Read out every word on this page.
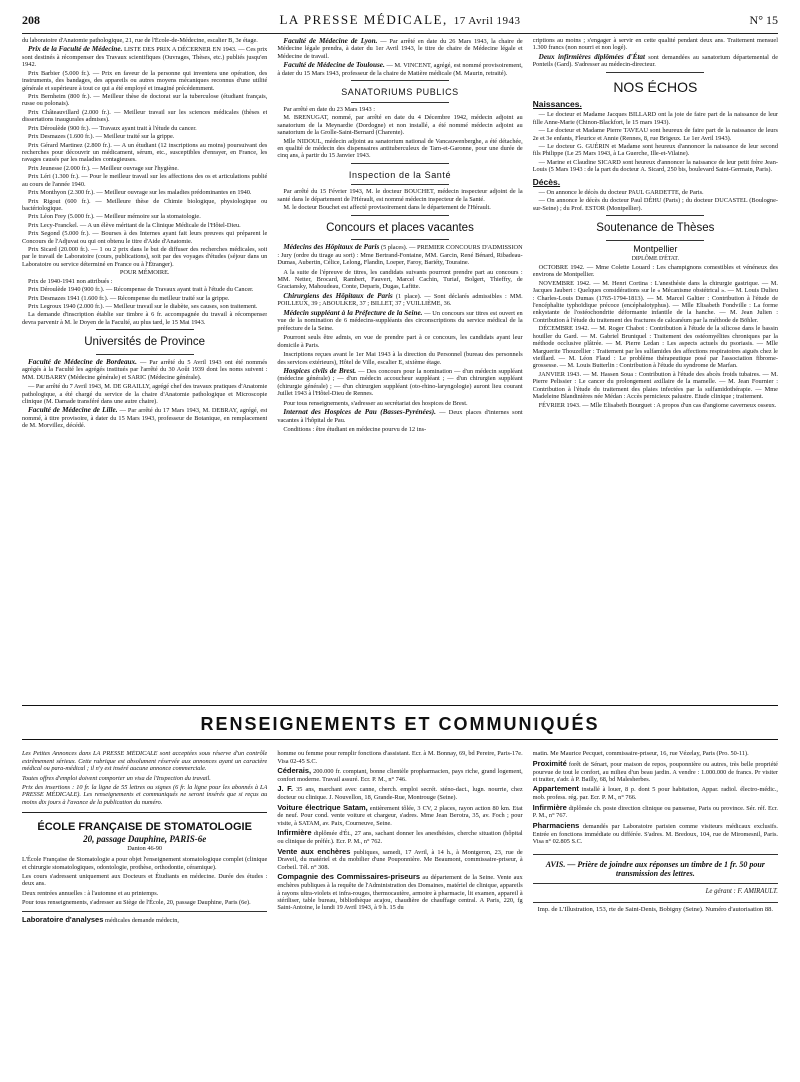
208	LA PRESSE MÉDICALE, 17 Avril 1943	N° 15

du laboratoire d'Anatomie pathologique, 21, rue de l'École-de-Médecine, escalier B, 3e étage.

Prix de la Faculté de Médecine. LISTE DES PRIX A DÉCERNER EN 1943. — Ces prix sont destinés à récompenser des Travaux scientifiques (Ouvrages, Thèses, etc.) publiés jusqu'en 1942.

Prix Barbier (5.000 fr.). — Prix en faveur de la personne qui inventera une opération, des instruments, des bandages, des appareils ou autres moyens mécaniques reconnus d'une utilité générale et supérieure à tout ce qui a été employé et imaginé précédemment.

Prix Bernheim (800 fr.). — Meilleur thèse de doctorat sur la tuberculose (étudiant français, russe ou polonais).

Prix Châteauvillard (2.000 fr.). — Meilleur travail sur les sciences médicales (thèses et dissertations inaugurales admises).

Prix Déroulède (900 fr.). — Travaux ayant trait à l'étude du cancer.

Prix Desmazes (1.600 fr.). — Meilleur traité sur la grippe.

Prix Gérard Martinez (2.800 fr.). — A un étudiant (12 inscriptions au moins) poursuivant des recherches pour découvrir un médicament, sérum, etc., susceptibles d'enrayer, en France, les ravages causés par les maladies contagieuses.

Prix Jeunesse (2.000 fr.). — Meilleur ouvrage sur l'hygiène.

Prix Léri (1.300 fr.). — Pour le meilleur travail sur les affections des os et articulations publié au cours de l'année 1940.

Prix Monthyon (2.300 fr.). — Meilleur ouvrage sur les maladies prédominantes en 1940.

Prix Rigout (600 fr.). — Meilleure thèse de Chimie biologique, physiologique ou bactériologique.

Prix Léon Frey (5.000 fr.). — Meilleur mémoire sur la stomatologie.

Prix Lecy-Franckel. — A un élève méritant de la Clinique Médicale de l'Hôtel-Dieu.

Prix Segond (5.000 fr.). — Bourses à des Internes ayant fait leurs preuves qui préparent le Concours de l'Adjuvat ou qui ont obtenu le titre d'Aide d'Anatomie.

Prix Sicard (20.000 fr.). — 1 ou 2 prix dans le but de diffuser des recherches médicales, soit par le travail de Laboratoire (cours, publications), soit par des voyages d'études (séjour dans un Laboratoire ou service déterminé en France ou à l'Étranger).

POUR MÉMOIRE.

Prix de 1940-1941 non attribués :

Prix Déroulède 1940 (900 fr.). — Récompense de Travaux ayant trait à l'étude du Cancer.

Prix Desmazes 1941 (1.600 fr.). — Récompense du meilleur traité sur la grippe.

Prix Legroux 1940 (2.000 fr.). — Meilleur travail sur le diabète, ses causes, son traitement.

La demande d'inscription établie sur timbre à 6 fr. accompagnée du travail à récompenser devra parvenir à M. le Doyen de la Faculté, au plus tard, le 15 Mai 1943.

Universités de Province

Faculté de Médecine de Bordeaux. — Par arrêté du 5 Avril 1943 ont été nommés agrégés à la Faculté les agrégés institués par l'arrêté du 30 Août 1939 dont les noms suivent : MM. DUBARRY (Médecine générale) et SARIC (Médecine générale).

— Par arrêté du 7 Avril 1943, M. DE GRAILLY, agrégé chef des travaux pratiques d'Anatomie pathologique, a été chargé du service de la chaire d'Anatomie pathologique et Microscopie clinique (M. Damade transféré dans une autre chaire).

Faculté de Médecine de Lille. — Par arrêté du 17 Mars 1943, M. DEBRAY, agrégé, est nommé, à titre provisoire, à dater du 15 Mars 1943, professeur de Botanique, en remplacement de M. Morvillez, décédé.

Faculté de Médecine de Lyon. — Par arrêté en date du 26 Mars 1943, la chaire de Médecine légale prendra, à dater du 1er Avril 1943, le titre de chaire de Médecine légale et Médecine de travail.

Faculté de Médecine de Toulouse. — M. VINCENT, agrégé, est nommé provisoirement, à dater du 15 Mars 1943, professeur de la chaire de Matière médicale (M. Maurin, retraité).

SANATORIUMS PUBLICS

Par arrêté en date du 23 Mars 1943 :

M. BRENUGAT, nommé, par arrêté en date du 4 Décembre 1942, médecin adjoint au sanatorium de la Meynardie (Dordogne) et non installé, a été nommé médecin adjoint au sanatorium de la Grolle-Saint-Bernard (Charente).

Mlle NIDOUL, médecin adjoint au sanatorium national de Vancauwenberghe, a été détachée, en qualité de médecin des dispensaires antituberculeux de Tarn-et-Garonne, pour une durée de cinq ans, à partir du 15 Janvier 1943.

Inspection de la Santé

Par arrêté du 15 Février 1943, M. le docteur BOUCHET, médecin inspecteur adjoint de la santé dans le département de l'Hérault, est nommé médecin inspecteur de la Santé.

M. le docteur Bouchet est affecté provisoirement dans le département de l'Hérault.

Concours et places vacantes

Médecins des Hôpitaux de Paris (5 places). — PREMIER CONCOURS D'ADMISSION : Jury (ordre du tirage au sort) : Mme Bertrand-Fontaine, MM. Garcin, René Bénard, Ribadeau-Dumas, Aubertin, Célice, Lelong, Flandin, Loeper, Faroy, Bariéty, Touraine.

A la suite de l'épreuve de titres, les candidats suivants pourront prendre part au concours : MM. Netter, Brocard, Rambert, Fauvert, Marcel Cachin, Turiaf, Bolgert, Thieffry, de Graciansky, Mahoudeau, Conte, Deparis, Dugas, Lafitte.

Chirurgiens des Hôpitaux de Paris (1 place). — Sont déclarés admissibles : MM. POILLEUX, 39 ; ABOULKER, 37 ; BILLET, 37 ; VUILLIÈME, 36.

Médecin suppléant à la Préfecture de la Seine. — Un concours sur titres est ouvert en vue de la nomination de 6 médecins-suppléants des circonscriptions du service médical de la préfecture de la Seine.

Pourront seuls être admis, en vue de prendre part à ce concours, les candidats ayant leur domicile à Paris.

Inscriptions reçues avant le 1er Mai 1943 à la direction du Personnel (bureau des personnels des services extérieurs), Hôtel de Ville, escalier E, sixième étage.

Hospices civils de Brest. — Des concours pour la nomination — d'un médecin suppléant (médecine générale) ; — d'un médecin accoucheur suppléant ; — d'un chirurgien suppléant (chirurgie générale) ; — d'un chirurgien suppléant (oto-rhino-laryngologie) auront lieu courant Juillet 1943 à l'Hôtel-Dieu de Rennes.

Pour tous renseignements, s'adresser au secrétariat des hospices de Brest.

Internat des Hospices de Pau (Basses-Pyrénées). — Deux places d'internes sont vacantes à l'hôpital de Pau.

Conditions : être étudiant en médecine pourvu de 12 ins-

criptions au moins ; s'engager à servir en cette qualité pendant deux ans. Traitement mensuel 1.300 francs (non nourri et non logé).

Deux infirmières diplômées d'État sont demandées au sanatorium départemental de Ponteils (Gard). S'adresser au médecin-directeur.

NOS ÉCHOS
Naissances.

— Le docteur et Madame Jacques BILLARD ont la joie de faire part de la naissance de leur fille Anne-Marie (Chinon-Blackfort, le 15 mars 1943).

— Le docteur et Madame Pierre TAVEAU sont heureux de faire part de la naissance de leurs 2e et 3e enfants, Fleurice et Annie (Rennes, 8, rue Brigeux. Le 1er Avril 1943).

— Le docteur G. GUÉRIN et Madame sont heureux d'annoncer la naissance de leur second fils Philippe (Le 25 Mars 1943, à La Guerche, Ille-et-Vilaine).

— Marine et Claudine SICARD sont heureux d'annoncer la naissance de leur petit frère Jean-Louis (5 Mars 1943 : de la part du docteur A. Sicard, 250 bis, boulevard Saint-Germain, Paris).

Décès.

— On annonce le décès du docteur PAUL GARDETTE, de Paris.

— On annonce le décès du docteur Paul DÉHU (Paris) ; du docteur DUCASTEL (Boulogne-sur-Seine) ; du Prof. ESTOR (Montpellier).

Soutenance de Thèses
Montpellier

DIPLÔME D'ÉTAT.

OCTOBRE 1942. — Mme Colette Louard : Les champignons comestibles et vénéneux des environs de Montpellier.

NOVEMBRE 1942. — M. Henri Cortina : L'anesthésie dans la chirurgie gastrique. — M. Jacques Jaubert : Quelques considérations sur le « Mécanisme obstétrical ». — M. Louis Dulieu : Charles-Louis Dumas (1765-1794-1813). — M. Marcel Galtier : Contribution à l'étude de l'encéphalite typhoïdique précoce (encéphalotyphus). — Mlle Elisabeth Fondville : La forme enkystante de l'ostéochondrite déformante infantile de la hanche. — M. Jean Julien : Contribution à l'étude du traitement des fractures de calcanéum par la méthode de Böhler.

DÉCEMBRE 1942. — M. Roger Chabot : Contribution à l'étude de la silicose dans le bassin houiller du Gard. — M. Gabriel Bruniquel : Traitement des ostéomyélites chroniques par la méthode occlusive plâtrée. — M. Pierre Ledan : Les aspects actuels du psoriasis. — Mlle Marguerite Thouzellier : Traitement par les sulfamides des affections respiratoires aiguës chez le vieillard. — M. Léon Flaud : Le problème thérapeutique posé par l'association fibrome-grossesse. — M. Louis Butterlin : Contribution à l'étude du syndrome de Marfan.

JANVIER 1943. — M. Hassen Soua : Contribution à l'étude des abcès froids tubaires. — M. Pierre Pelissier : Le cancer du prolongement axillaire de la mamelle. — M. Jean Fournier : Contribution à l'étude du traitement des plaies infectées par la sulfamidothérapie. — Mme Madeleine Blandinières née Médan : Accès pernicieux palustre. Etude clinique ; traitement.

FÉVRIER 1943. — Mlle Elisabeth Bourguet : A propos d'un cas d'angiome caverneux osseux.

RENSEIGNEMENTS ET COMMUNIQUÉS

Les Petites Annonces dans LA PRESSE MÉDICALE sont acceptées sous réserve d'un contrôle extrêmement sérieux. Cette rubrique est absolument réservée aux annonces ayant un caractère médical ou para-médical ; il n'y est inséré aucune annonce commerciale.

Toutes offres d'emploi doivent comporter un visa de l'Inspection du travail.

Prix des insertions : 10 fr. la ligne de 55 lettres ou signes (6 fr. la ligne pour les abonnés à LA PRESSE MÉDICALE). Les renseignements et communiqués ne seront insérés que si reçus au moins dix jours à l'avance de la publication du numéro.

ÉCOLE FRANÇAISE DE STOMATOLOGIE
20, passage Dauphine, PARIS-6e
Danton 46-90

L'École Française de Stomatologie a pour objet l'enseignement stomatologique complet (clinique et chirurgie stomatologiques, odontologie, prothèse, orthodontie, céramique).

Les cours s'adressent uniquement aux Docteurs et Étudiants en médecine. Durée des études : deux ans.

Deux rentrées annuelles : à l'automne et au printemps.

Pour tous renseignements, s'adresser au Siège de l'École, 20, passage Dauphine, Paris (6e).

Laboratoire d'analyses médicales demande médecin,

homme ou femme pour remplir fonctions d'assistant. Ecr. à M. Bonnay, 69, bd Pereire, Paris-17e. Visa 02-45 S.C.

Céderais, 200.000 fr. comptant, bonne clientèle propharmacien, pays riche, grand logement, confort moderne. Travail assuré. Ecr. P. M., n° 746.

J. F. 35 ans, marchant avec canne, cherch. emploi secrét. sténo-dact., lugn. nourrie, chez docteur ou clinique. J. Nouvellon, 18, Grande-Rue, Montrouge (Seine).

Voiture électrique Satam, entièrement tôlée, 3 CV, 2 places, rayon action 80 km. Etat de neuf. Pour cond. vente voiture et chargeur, s'adres. Mme Jean Berotra, 35, av. Foch ; pour visite, à SATAM, av. Paix, Courneuve, Seine.

Infirmière diplômée d'Ét., 27 ans, sachant donner les anesthésies, cherche situation (hôpital ou clinique de préfér.). Ecr. P. M., n° 762.

Vente aux enchères publiques, samedi, 17 Avril, à 14 h., à Montgeron, 23, rue de Draveil, du matériel et du mobilier d'une Pouponnière. Me Beaumont, commissaire-priseur, à Corbeil. Tél. n° 308.

Compagnie des Commissaires-priseurs au département de la Seine. Vente aux enchères publiques à la requête de l'Administration des Domaines, matériel de clinique, appareils à rayons ultra-violets et infra-rouges, thermocautère, armoire à pharmacie, lit examen, appareil à stériliser, table bureau, bibliothèque acajou, chaudière de chauffage central. A Paris, 220, fg Saint-Antoine, le lundi 19 Avril 1943, à 9 h. 15 du

matin. Me Maurice Pecquet, commissaire-priseur, 16, rue Vézelay, Paris (Pro. 50-11).

Proximité forêt de Sénart, pour maison de repos, pouponnière ou autres, très belle propriété pourvue de tout le confort, au milieu d'un beau jardin. A vendre : 1.000.000 de francs. Pr visiter et traiter, s'adr. à P. Bailly, 68, bd Malesherbes.

Appartement installé à louer, 8 p. dont 5 pour habitation, Appar. radiol. électro-médic., mob. profess. rég. par. Ecr. P. M., n° 766.

Infirmière diplômée ch. poste direction clinique ou pansense, Paris ou province. Sér. réf. Ecr. P. M., n° 767.

Pharmaciens demandés par Laboratoire parisien comme visiteurs médicaux exclusifs. Entrée en fonctions immédiate ou différée. S'adres. M. Bredoux, 104, rue de Miromesnil, Paris. Visa n° 02.805 S.C.

AVIS. — Prière de joindre aux réponses un timbre de 1 fr. 50 pour transmission des lettres.
Le gérant : F. AMIRAULT.
Imp. de L'Illustration, 153, rte de Saint-Denis, Bobigny (Seine). Numéro d'autorisation 88.
